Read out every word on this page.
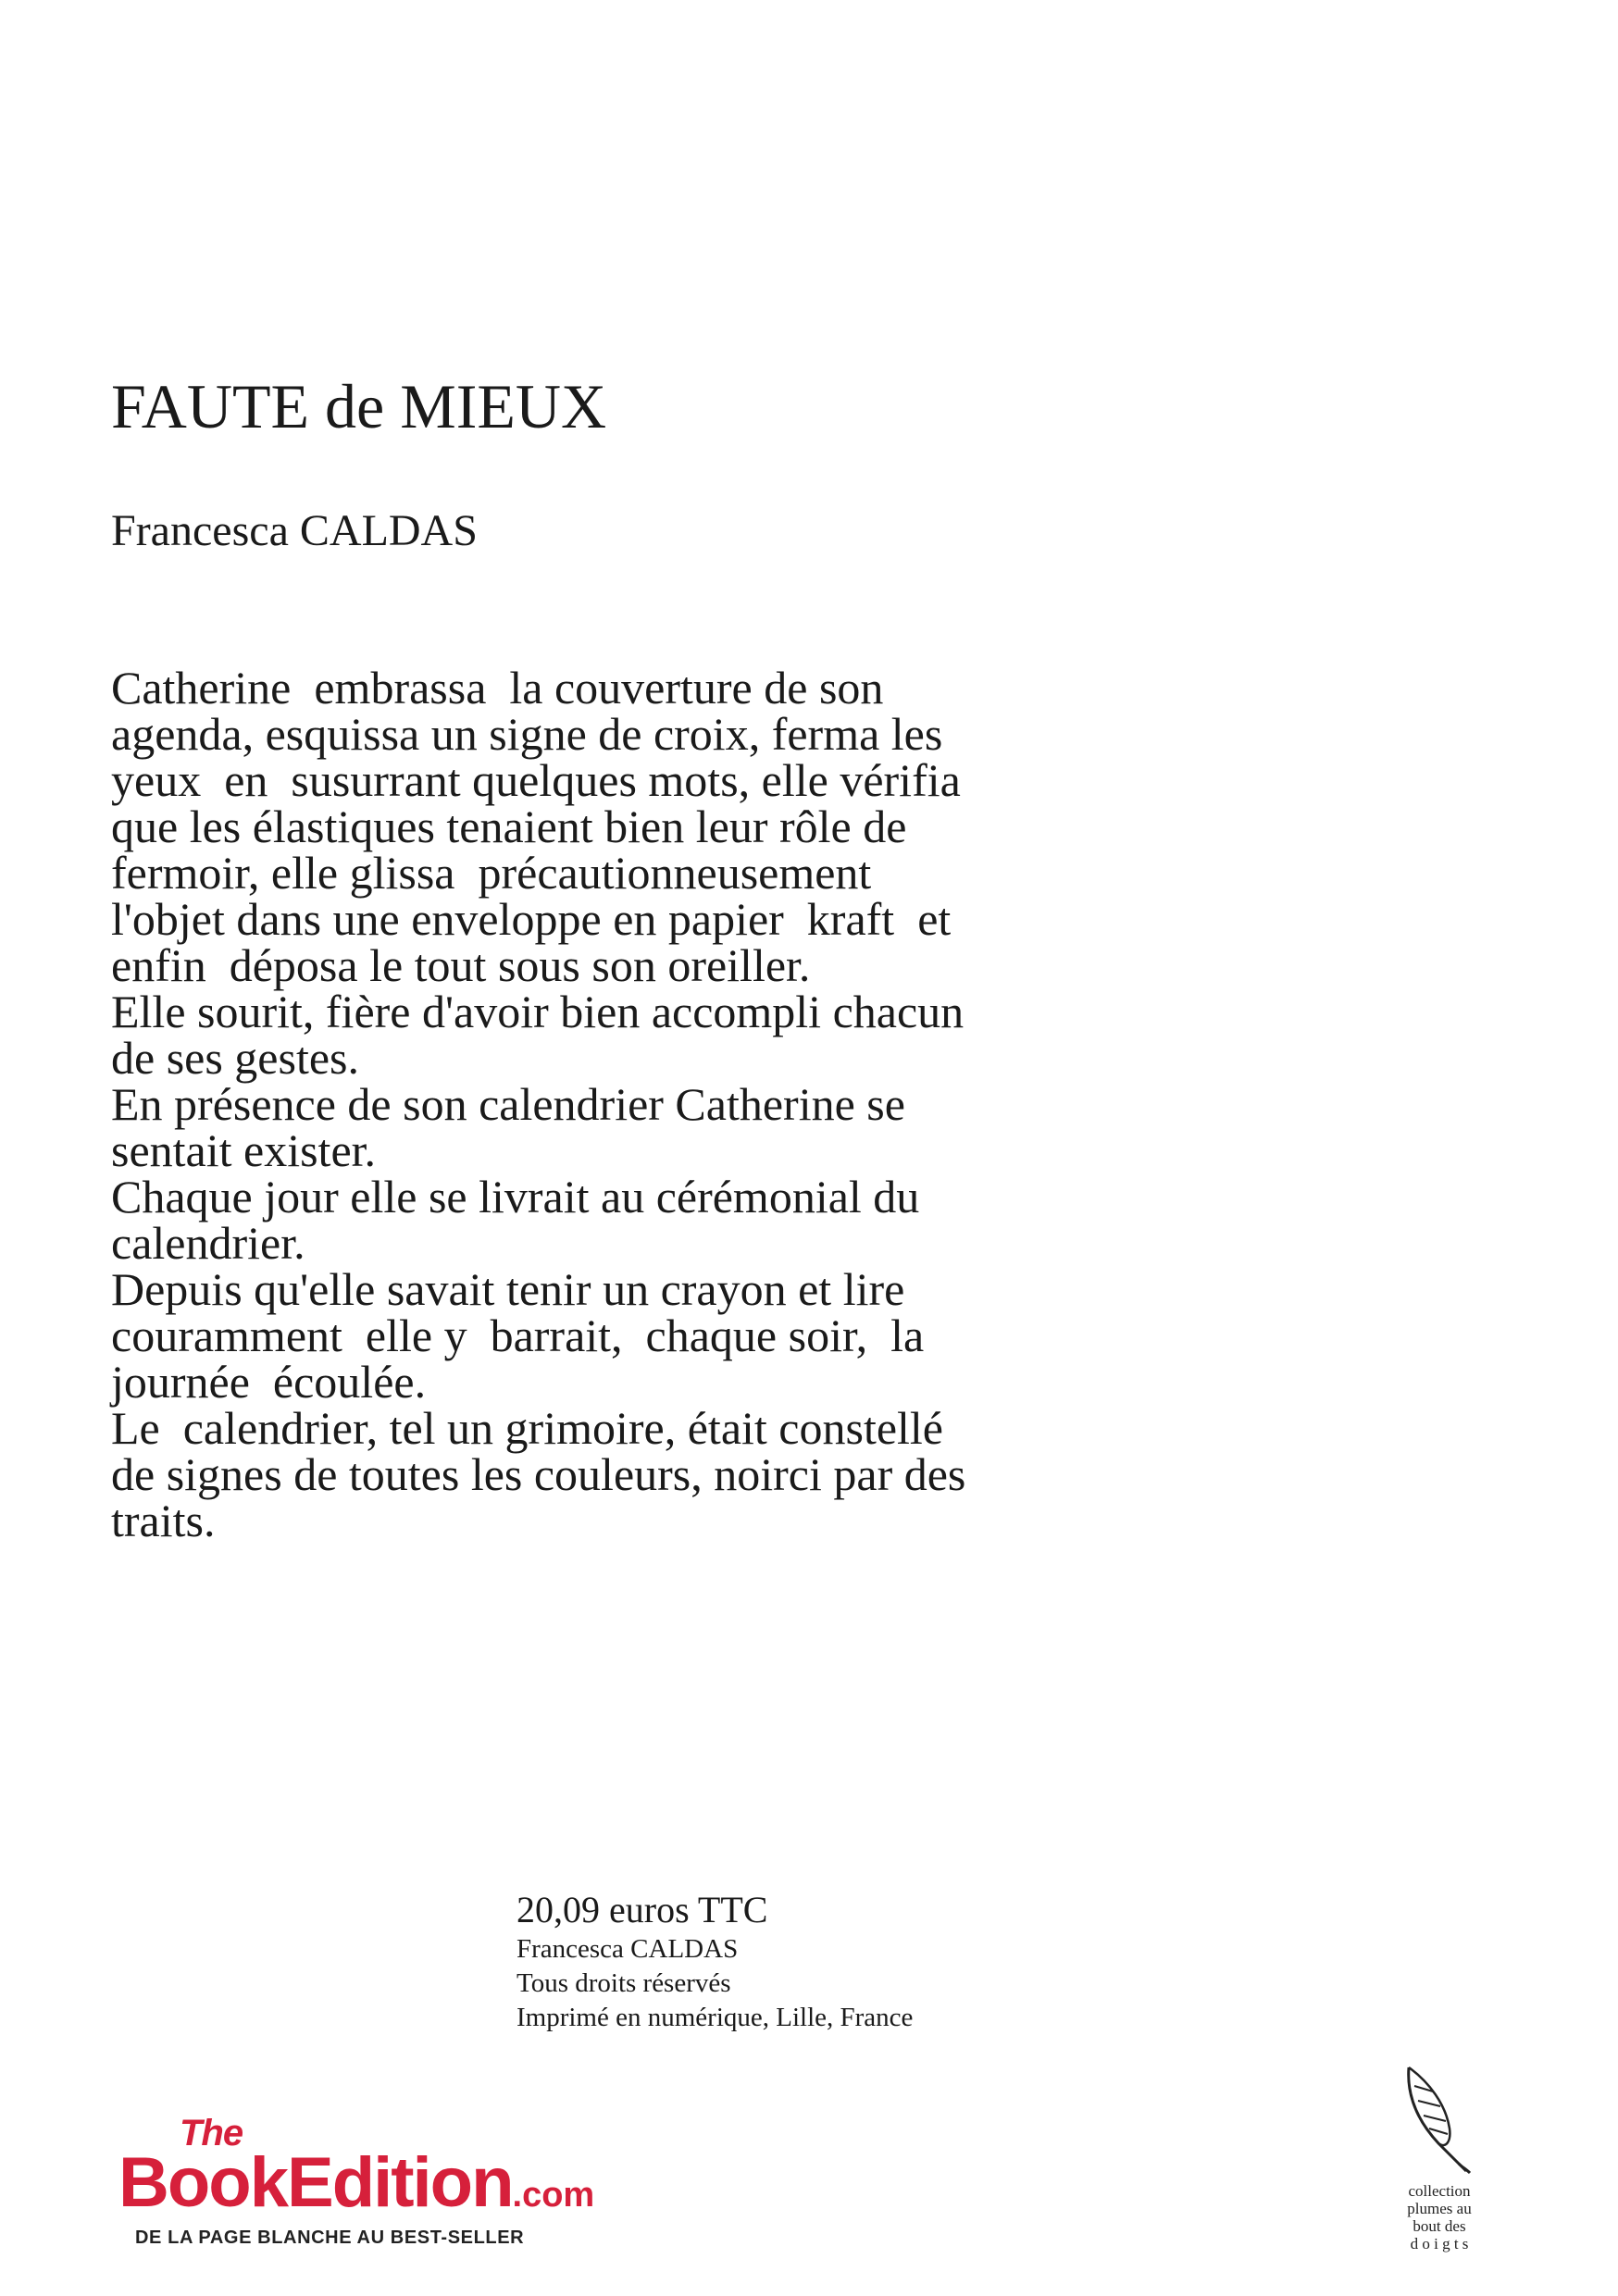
FAUTE de MIEUX
Francesca CALDAS
Catherine  embrassa  la couverture de son
agenda, esquissa un signe de croix, ferma les
yeux  en  susurrant quelques mots, elle vérifia
que les élastiques tenaient bien leur rôle de
fermoir, elle glissa  précautionneusement
l'objet dans une enveloppe en papier  kraft  et
enfin  déposa le tout sous son oreiller.
Elle sourit, fière d'avoir bien accompli chacun
de ses gestes.
En présence de son calendrier Catherine se
sentait exister.
Chaque jour elle se livrait au cérémonial du
calendrier.
Depuis qu'elle savait tenir un crayon et lire
couramment  elle y  barrait,  chaque soir,  la
journée  écoulée.
Le  calendrier, tel un grimoire, était constellé
de signes de toutes les couleurs, noirci par des
traits.
20,09 euros TTC
Francesca CALDAS
Tous droits réservés
Imprimé en numérique, Lille, France
The
BookEdition.com
DE LA PAGE BLANCHE AU BEST-SELLER
collection
plumes au
bout des
d o i g t s
